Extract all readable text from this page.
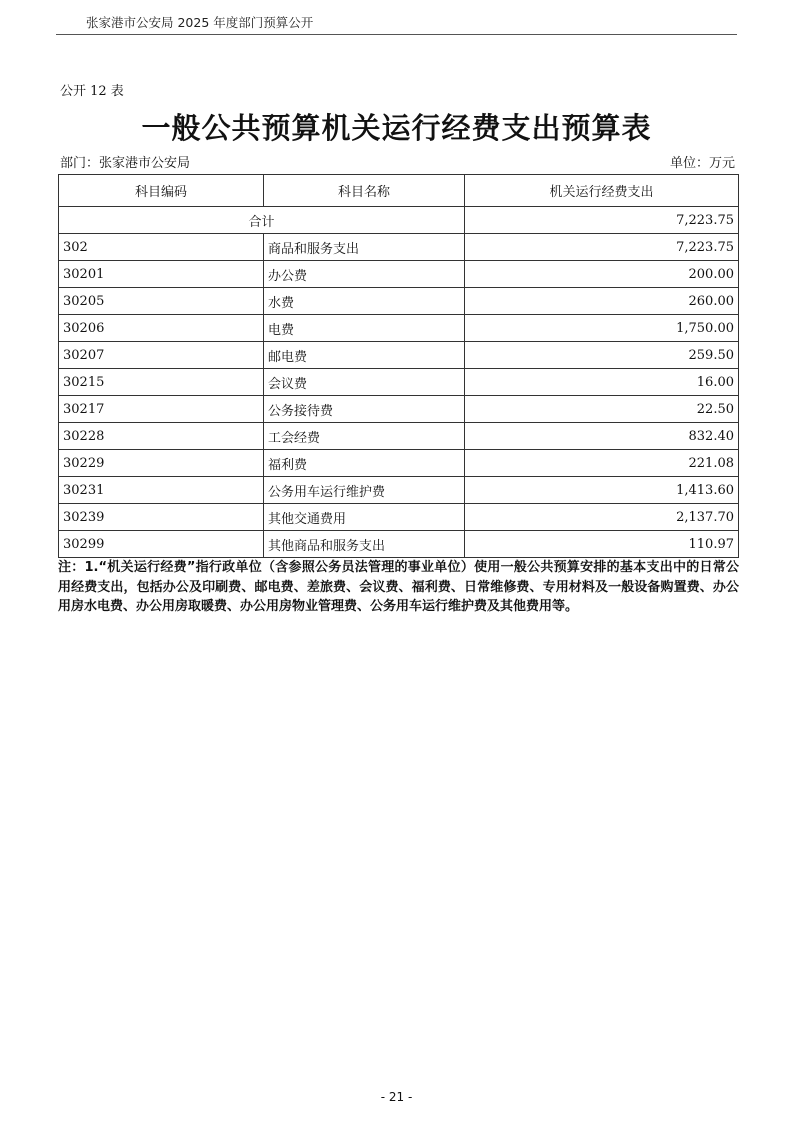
张家港市公安局 2025 年度部门预算公开
公开 12 表
一般公共预算机关运行经费支出预算表
部门：张家港市公安局	单位：万元
科目编码	科目名称	机关运行经费支出
合计		7,223.75
302	商品和服务支出	7,223.75
30201	办公费	200.00
30205	水费	260.00
30206	电费	1,750.00
30207	邮电费	259.50
30215	会议费	16.00
30217	公务接待费	22.50
30228	工会经费	832.40
30229	福利费	221.08
30231	公务用车运行维护费	1,413.60
30239	其他交通费用	2,137.70
30299	其他商品和服务支出	110.97
注：1.“机关运行经费”指行政单位（含参照公务员法管理的事业单位）使用一般公共预算安排的基本支出中的日常公用经费支出，包括办公及印刷费、邮电费、差旅费、会议费、福利费、日常维修费、专用材料及一般设备购置费、办公用房水电费、办公用房取暖费、办公用房物业管理费、公务用车运行维护费及其他费用等。
- 21 -
